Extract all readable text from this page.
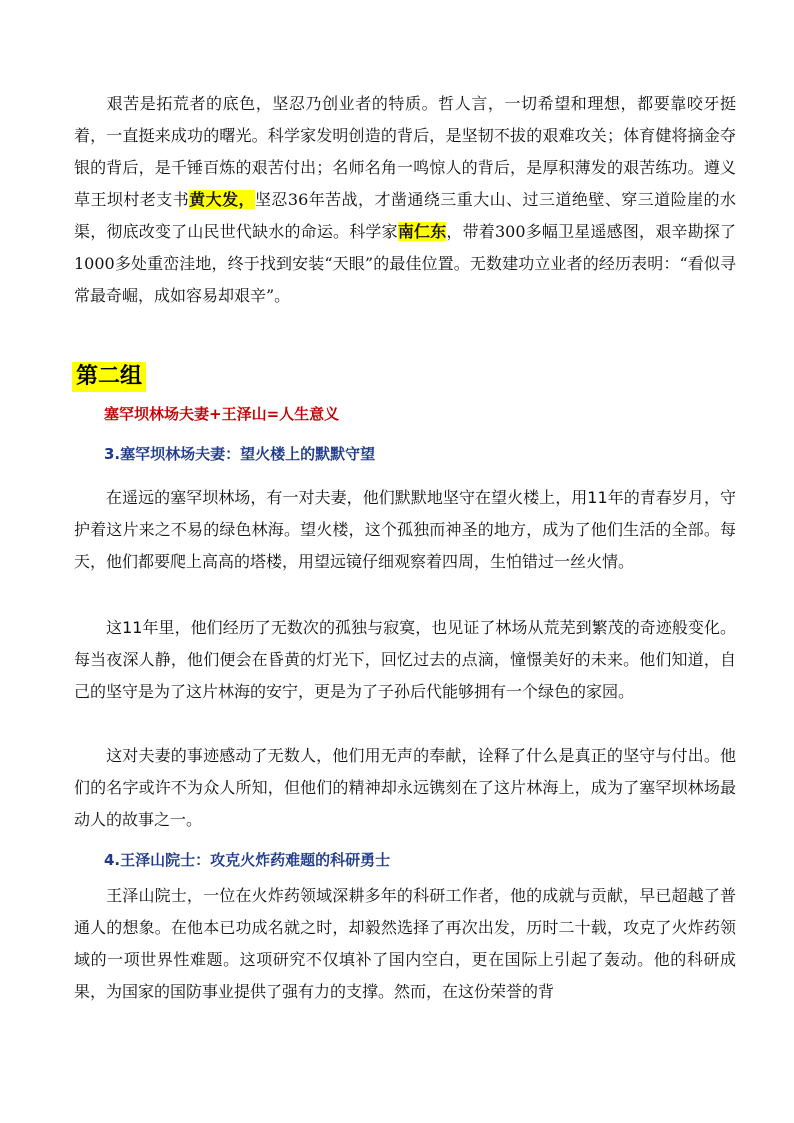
艰苦是拓荒者的底色，坚忍乃创业者的特质。哲人言，一切希望和理想，都要靠咬牙挺着，一直挺来成功的曙光。科学家发明创造的背后，是坚韧不拔的艰难攻关；体育健将摘金夺银的背后，是千锤百炼的艰苦付出；名师名角一鸣惊人的背后，是厚积薄发的艰苦练功。遵义草王坝村老支书黄大发，坚忍36年苦战，才凿通绕三重大山、过三道绝壁、穿三道险崖的水渠，彻底改变了山民世代缺水的命运。科学家南仁东，带着300多幅卫星遥感图，艰辛勘探了1000多处重峦洼地，终于找到安装“天眼”的最佳位置。无数建功立业者的经历表明：“看似寻常最奇崛，成如容易却艰辛”。
第二组
塞罕坝林场夫妻+王泽山=人生意义
3.塞罕坝林场夫妻：望火楼上的默默守望
在遥远的塞罕坝林场，有一对夫妻，他们默默地坚守在望火楼上，用11年的青春岁月，守护着这片来之不易的绿色林海。望火楼，这个孤独而神圣的地方，成为了他们生活的全部。每天，他们都要爬上高高的塔楼，用望远镜仔细观察着四周，生怕错过一丝火情。
这11年里，他们经历了无数次的孤独与寂寞，也见证了林场从荒芜到繁茂的奇迹般变化。每当夜深人静，他们便会在昏黄的灯光下，回忆过去的点滴，憧憬美好的未来。他们知道，自己的坚守是为了这片林海的安宁，更是为了子孙后代能够拥有一个绿色的家园。
这对夫妻的事迹感动了无数人，他们用无声的奉献，诠释了什么是真正的坚守与付出。他们的名字或许不为众人所知，但他们的精神却永远镌刻在了这片林海上，成为了塞罕坝林场最动人的故事之一。
4.王泽山院士：攻克火炸药难题的科研勇士
王泽山院士，一位在火炸药领域深耕多年的科研工作者，他的成就与贡献，早已超越了普通人的想象。在他本已功成名就之时，却毅然选择了再次出发，历时二十载，攻克了火炸药领域的一项世界性难题。这项研究不仅填补了国内空白，更在国际上引起了轰动。他的科研成果，为国家的国防事业提供了强有力的支撑。然而，在这份荣誉的背
